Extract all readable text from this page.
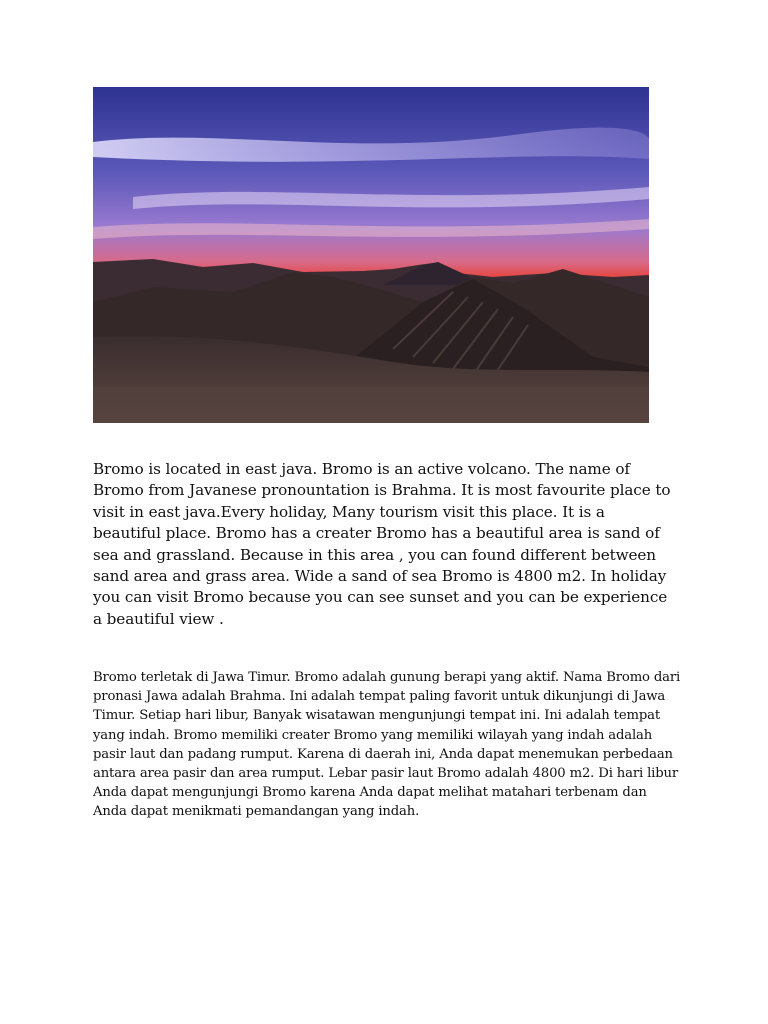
Bromo is located in east java. Bromo is an active volcano. The name of Bromo from Javanese pronountation is Brahma. It is most favourite place to visit in east java.Every holiday, Many tourism visit this place. It is a beautiful place. Bromo has a creater Bromo has a beautiful area is sand of sea and grassland. Because in this area , you can found different between sand area and grass area. Wide a sand of sea Bromo is 4800 m2. In holiday you can visit Bromo because you can see sunset and you can be experience a beautiful view .

Bromo terletak di Jawa Timur. Bromo adalah gunung berapi yang aktif. Nama Bromo dari pronasi Jawa adalah Brahma. Ini adalah tempat paling favorit untuk dikunjungi di Jawa Timur. Setiap hari libur, Banyak wisatawan mengunjungi tempat ini. Ini adalah tempat yang indah. Bromo memiliki creater Bromo yang memiliki wilayah yang indah adalah pasir laut dan padang rumput. Karena di daerah ini, Anda dapat menemukan perbedaan antara area pasir dan area rumput. Lebar pasir laut Bromo adalah 4800 m2. Di hari libur Anda dapat mengunjungi Bromo karena Anda dapat melihat matahari terbenam dan Anda dapat menikmati pemandangan yang indah.
